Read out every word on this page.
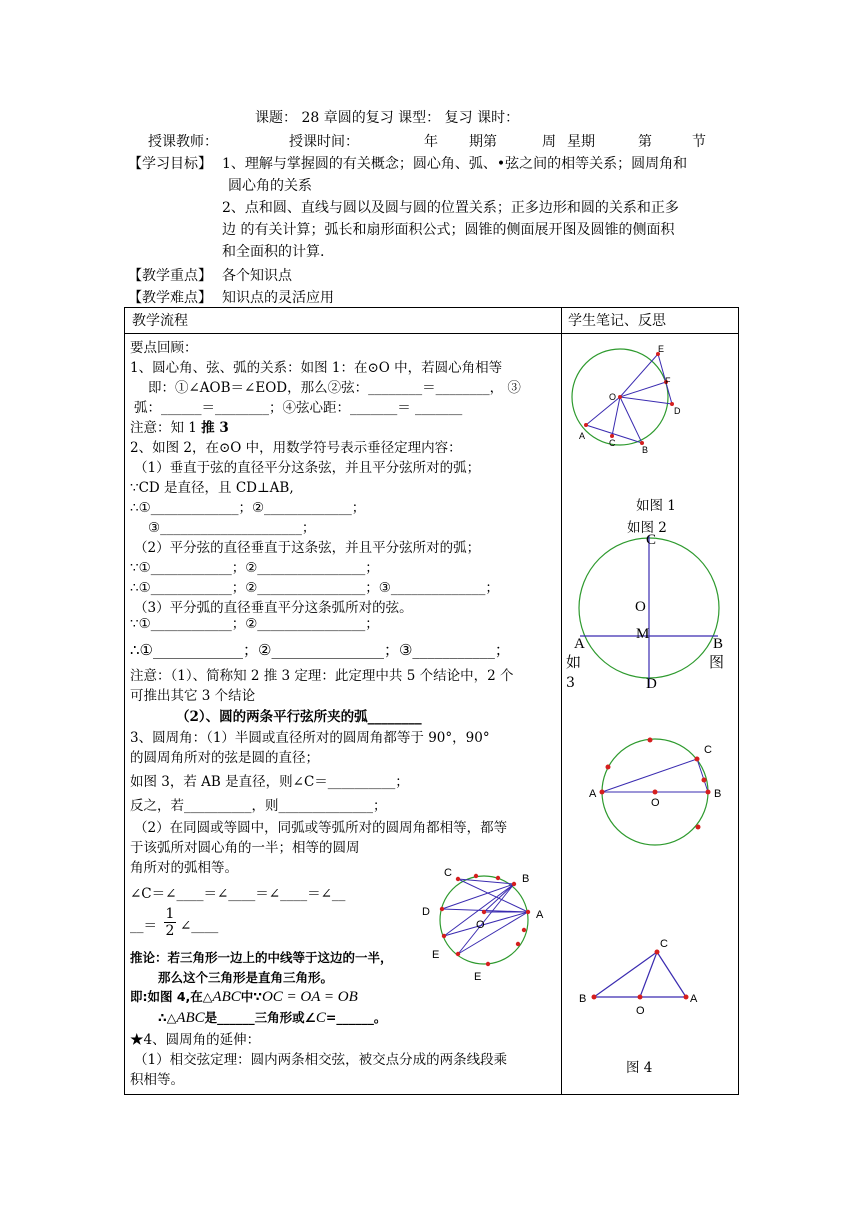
课题： 28 章圆的复习 课型： 复习 课时：
授课教师：	授课时间：	年 期第	周 星期	第	节
【学习目标】 1、理解与掌握圆的有关概念；圆心角、弧、•弦之间的相等关系；圆周角和
圆心角的关系
2、点和圆、直线与圆以及圆与圆的位置关系；正多边形和圆的关系和正多
边 的有关计算；弧长和扇形面积公式；圆锥的侧面展开图及圆锥的侧面积
和全面积的计算.
【教学重点】 各个知识点
【教学难点】 知识点的灵活应用
教学流程	学生笔记、反思
要点回顾：
1、圆心角、弦、弧的关系：如图 1：在⊙O 中，若圆心角相等
即：①∠AOB＝∠EOD，那么②弦：________＝________， ③
弧：______＝________；④弦心距：_______＝ _______
注意：知 1 推 3
2、如图 2，在⊙O 中，用数学符号表示垂径定理内容：
（1）垂直于弦的直径平分这条弦，并且平分弦所对的弧；
∵CD 是直径，且 CD⊥AB,
∴①_____________；②_____________；
③_____________________；
（2）平分弦的直径垂直于这条弦，并且平分弦所对的弧；
∵①____________；②________________；
∴①____________；②________________；③______________；
（3）平分弧的直径垂直平分这条弧所对的弦。
∵①____________；②________________；
∴①____________；②_______________；③___________；
注意：（1）、简称知 2 推 3 定理：此定理中共 5 个结论中，2 个
可推出其它 3 个结论
（2）、圆的两条平行弦所夹的弧________
3、圆周角：（1）半圆或直径所对的圆周角都等于 90°，90°
的圆周角所对的弦是圆的直径；
如图 3，若 AB 是直径，则∠C＝__________；
反之，若__________，则______________；
（2）在同圆或等圆中，同弧或等弧所对的圆周角都相等，都等
于该弧所对圆心角的一半；相等的圆周
角所对的弧相等。
∠C＝∠____＝∠____＝∠____＝∠__
__＝
1
2 ∠____
推论：若三角形一边上的中线等于这边的一半，
那么这个三角形是直角三角形。
即:如图 4,在△ABC中∵OC = OA = OB
∴△ABC是______三角形或∠C=______。
★4、圆周角的延伸：
（1）相交弦定理：圆内两条相交弦，被交点分成的两条线段乘
积相等。
C	B
A
D
O
E
E
E
F
O
D
A
C
B
如图 1
如图 2
C
O
M
A	B
D
如
3
图
C
A	B
O
C
B	A
O
图 4
